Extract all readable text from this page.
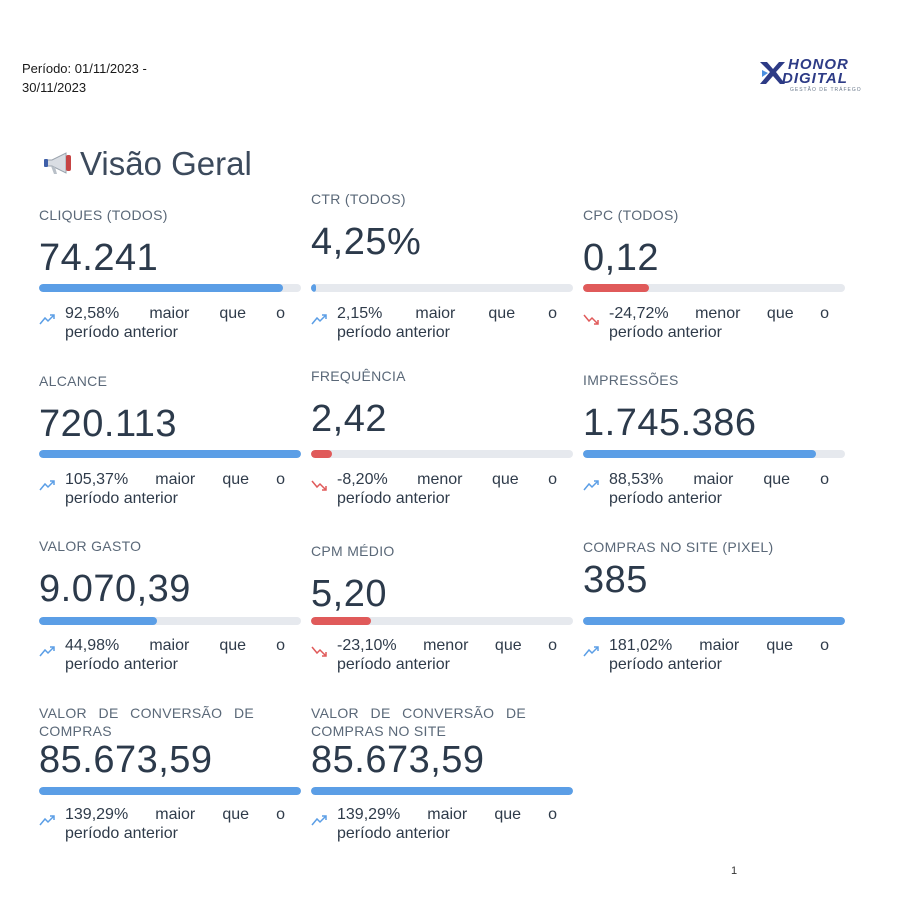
Período: 01/11/2023 -
30/11/2023
HONOR
DIGITAL
GESTÃO DE TRÁFEGO
Visão Geral
CLIQUES (TODOS)
74.241
92,58% maior que o
período anterior
CTR (TODOS)
4,25%
2,15% maior que o
período anterior
CPC (TODOS)
0,12
-24,72% menor que o
período anterior
ALCANCE
720.113
105,37% maior que o
período anterior
FREQUÊNCIA
2,42
-8,20% menor que o
período anterior
IMPRESSÕES
1.745.386
88,53% maior que o
período anterior
VALOR GASTO
9.070,39
44,98% maior que o
período anterior
CPM MÉDIO
5,20
-23,10% menor que o
período anterior
COMPRAS NO SITE (PIXEL)
385
181,02% maior que o
período anterior
VALOR DE CONVERSÃO DE COMPRAS
85.673,59
139,29% maior que o
período anterior
VALOR DE CONVERSÃO DE COMPRAS NO SITE
85.673,59
139,29% maior que o
período anterior
1
